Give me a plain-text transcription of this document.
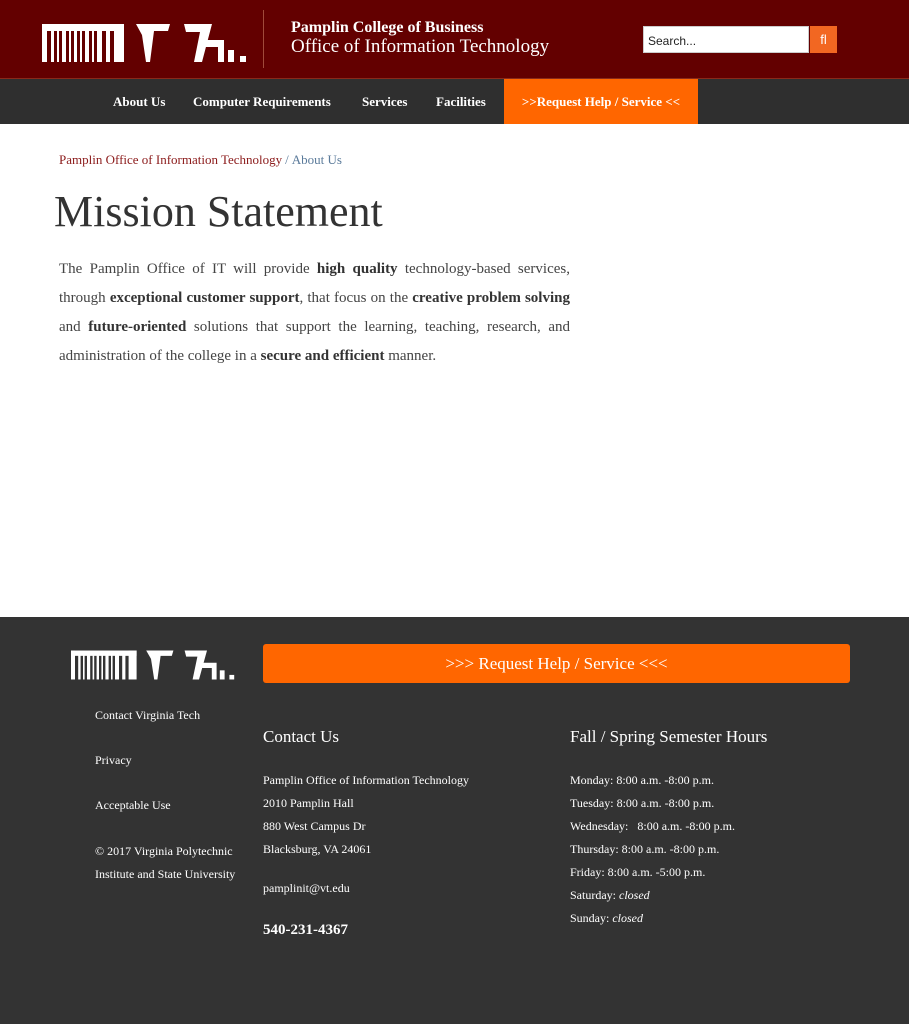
Pamplin College of Business
Office of Information Technology
Search...	fl
About Us Computer Requirements Services Facilities	>>Request Help / Service <<
Pamplin Office of Information Technology / About Us
Mission Statement

The Pamplin Office of IT will provide high quality technology-based services, through exceptional customer support, that focus on the creative problem solving and future-oriented solutions that support the learning, teaching, research, and administration of the college in a secure and efficient manner.

>>> Request Help / Service <<<
Contact Virginia Tech
Privacy
Acceptable Use
© 2017 Virginia Polytechnic Institute and State University
Contact Us
Pamplin Office of Information Technology
2010 Pamplin Hall
880 West Campus Dr
Blacksburg, VA 24061
pamplinit@vt.edu
540-231-4367
Fall / Spring Semester Hours
Monday: 8:00 a.m. -8:00 p.m.
Tuesday: 8:00 a.m. -8:00 p.m.
Wednesday: 8:00 a.m. -8:00 p.m.
Thursday: 8:00 a.m. -8:00 p.m.
Friday: 8:00 a.m. -5:00 p.m.
Saturday: closed
Sunday: closed
